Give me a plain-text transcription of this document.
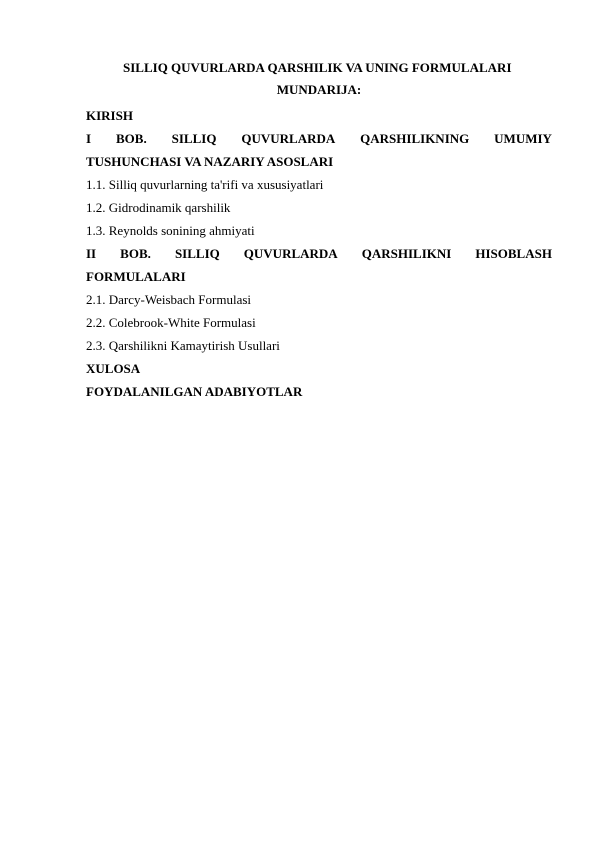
SILLIQ QUVURLARDA QARSHILIK VA UNING FORMULALARI

MUNDARIJA:

KIRISH
I BOB. SILLIQ QUVURLARDA QARSHILIKNING UMUMIY
TUSHUNCHASI VA NAZARIY ASOSLARI
1.1. Silliq quvurlarning ta'rifi va xususiyatlari
1.2. Gidrodinamik qarshilik
1.3. Reynolds sonining ahmiyati
II BOB. SILLIQ QUVURLARDA QARSHILIKNI HISOBLASH
FORMULALARI
2.1. Darcy-Weisbach Formulasi
2.2. Colebrook-White Formulasi
2.3. Qarshilikni Kamaytirish Usullari
XULOSA
FOYDALANILGAN ADABIYOTLAR
